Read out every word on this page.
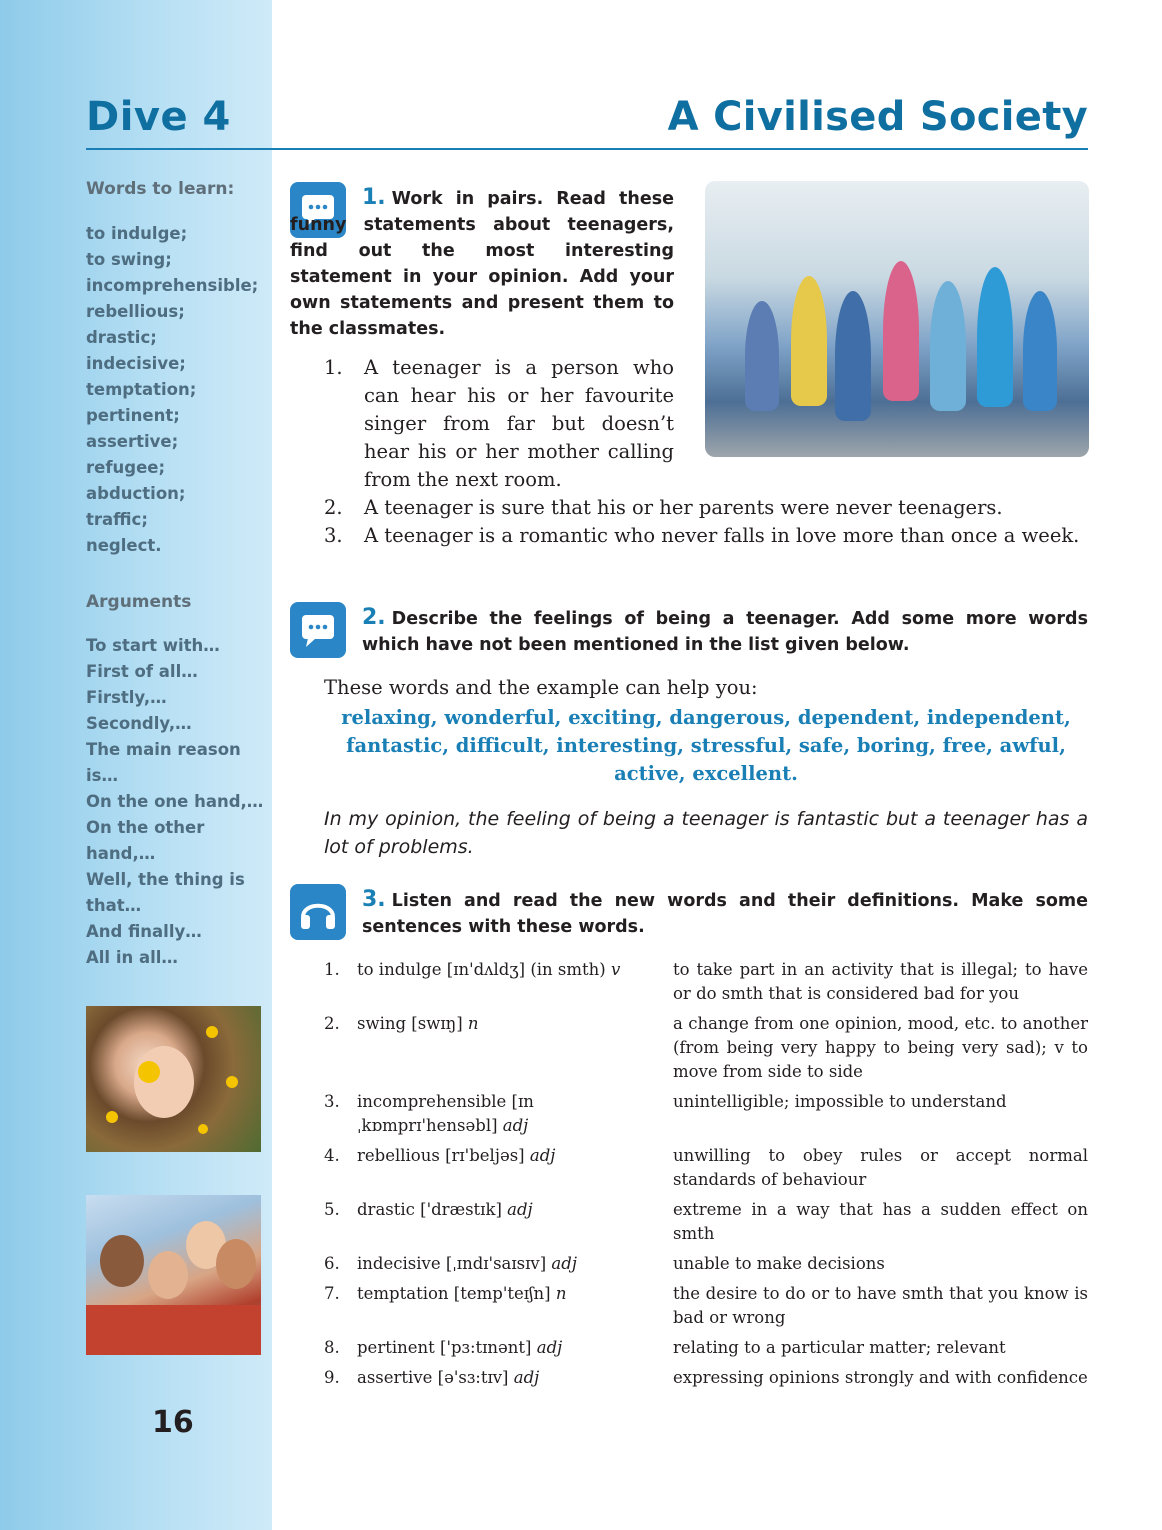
Dive 4	A Civilised Society
Words to learn:
to indulge;
to swing;
incomprehensible;
rebellious;
drastic;
indecisive;
temptation;
pertinent;
assertive;
refugee;
abduction;
traffic;
neglect.
Arguments
To start with…
First of all…
Firstly,…
Secondly,…
The main reason
is…
On the one hand,…
On the other
hand,…
Well, the thing is
that…
And finally…
All in all…
16
1. Work in pairs. Read these funny statements about teenagers, find out the most interesting statement in your opinion. Add your own statements and present them to the classmates.
1. A teenager is a person who can hear his or her favourite singer from far but doesn’t hear his or her mother calling from the next room.
2. A teenager is sure that his or her parents were never teenagers.
3. A teenager is a romantic who never falls in love more than once a week.
2. Describe the feelings of being a teenager. Add some more words which have not been mentioned in the list given below.
These words and the example can help you:
relaxing, wonderful, exciting, dangerous, dependent, independent, fantastic, difficult, interesting, stressful, safe, boring, free, awful, active, excellent.
In my opinion, the feeling of being a teenager is fantastic but a teenager has a lot of problems.
3. Listen and read the new words and their definitions. Make some sentences with these words.
1.	to indulge [ɪn'dʌldʒ] (in smth) v	to take part in an activity that is illegal; to have or do smth that is considered bad for you
2.	swing [swɪŋ] n	a change from one opinion, mood, etc. to another (from being very happy to being very sad); v to move from side to side
3.	incomprehensible [ɪnˌkɒmprɪ'hensəbl] adj	unintelligible; impossible to understand
4.	rebellious [rɪ'beljəs] adj	unwilling to obey rules or accept normal standards of behaviour
5.	drastic ['dræstɪk] adj	extreme in a way that has a sudden effect on smth
6.	indecisive [ˌɪndɪ'saɪsɪv] adj	unable to make decisions
7.	temptation [temp'teɪʃn] n	the desire to do or to have smth that you know is bad or wrong
8.	pertinent ['pɜ:tɪnənt] adj	relating to a particular matter; relevant
9.	assertive [ə'sɜ:tɪv] adj	expressing opinions strongly and with confidence
